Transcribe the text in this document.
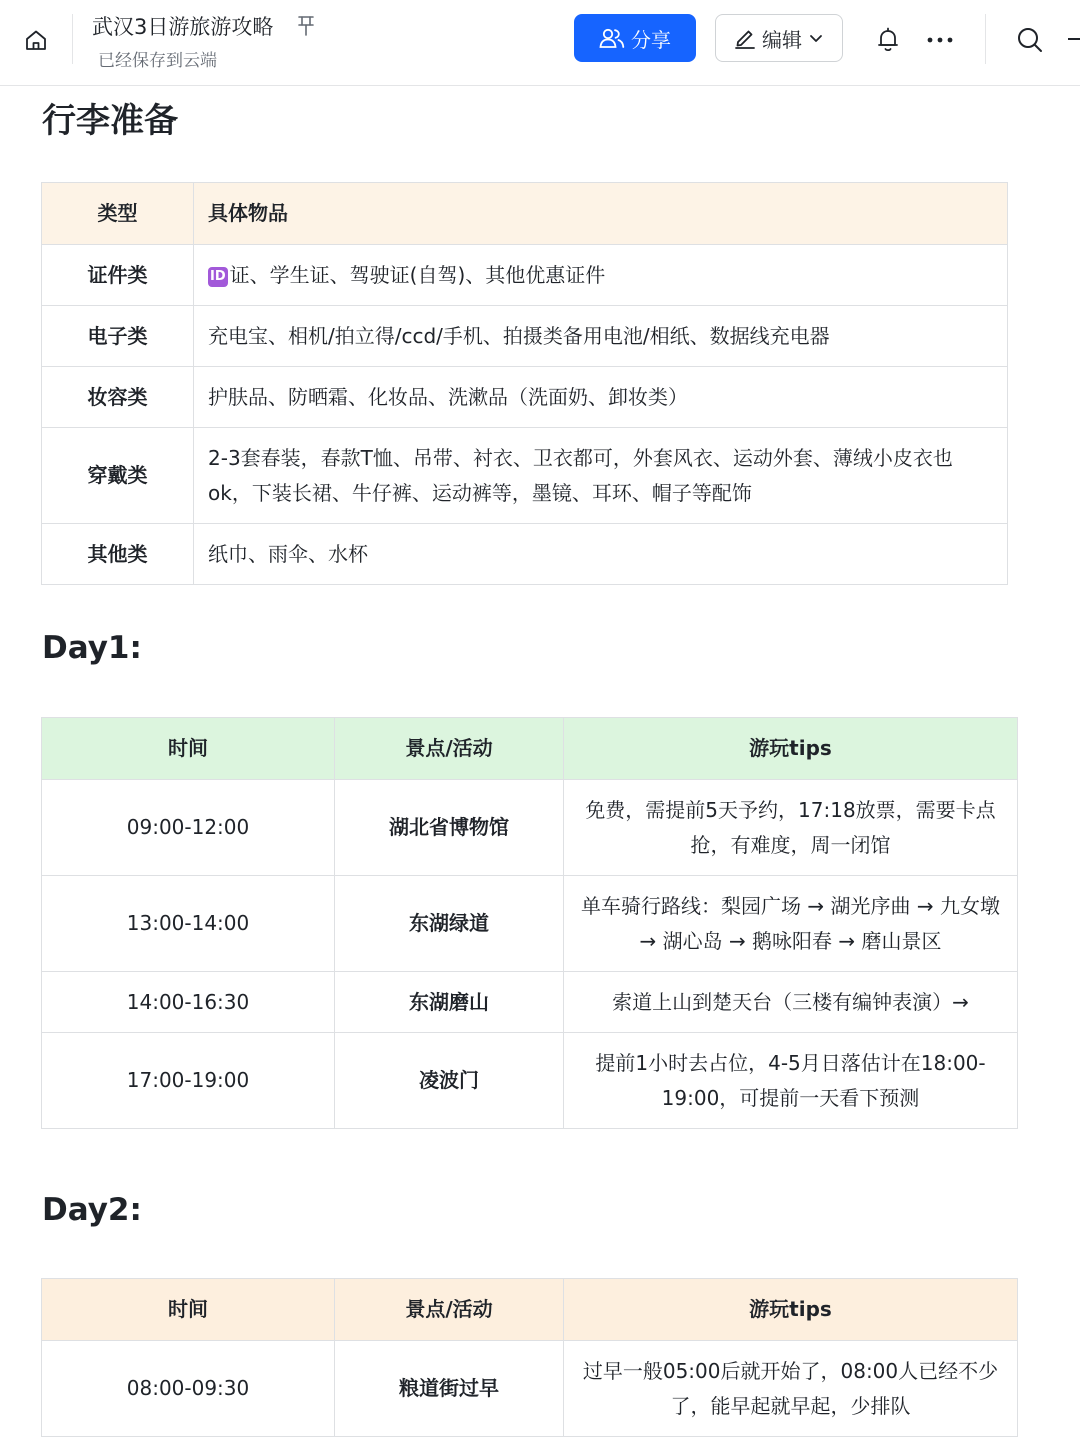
武汉3日游旅游攻略
已经保存到云端
分享	编辑
行李准备
类型	具体物品
证件类	ID 证、学生证、驾驶证(自驾)、其他优惠证件
电子类	充电宝、相机/拍立得/ccd/手机、拍摄类备用电池/相纸、数据线充电器
妆容类	护肤品、防晒霜、化妆品、洗漱品（洗面奶、卸妆类）
穿戴类	2-3套春装，春款T恤、吊带、衬衣、卫衣都可，外套风衣、运动外套、薄绒小皮衣也ok，下装长裙、牛仔裤、运动裤等，墨镜、耳环、帽子等配饰
其他类	纸巾、雨伞、水杯
Day1:
时间	景点/活动	游玩tips
09:00-12:00	湖北省博物馆	免费，需提前5天予约，17:18放票，需要卡点抢，有难度，周一闭馆
13:00-14:00	东湖绿道	单车骑行路线：梨园广场 → 湖光序曲 → 九女墩 → 湖心岛 → 鹅咏阳春 → 磨山景区
14:00-16:30	东湖磨山	索道上山到楚天台（三楼有编钟表演）→
17:00-19:00	凌波门	提前1小时去占位，4-5月日落估计在18:00-19:00，可提前一天看下预测
Day2:
时间	景点/活动	游玩tips
08:00-09:30	粮道街过早	过早一般05:00后就开始了，08:00人已经不少了，能早起就早起，少排队
